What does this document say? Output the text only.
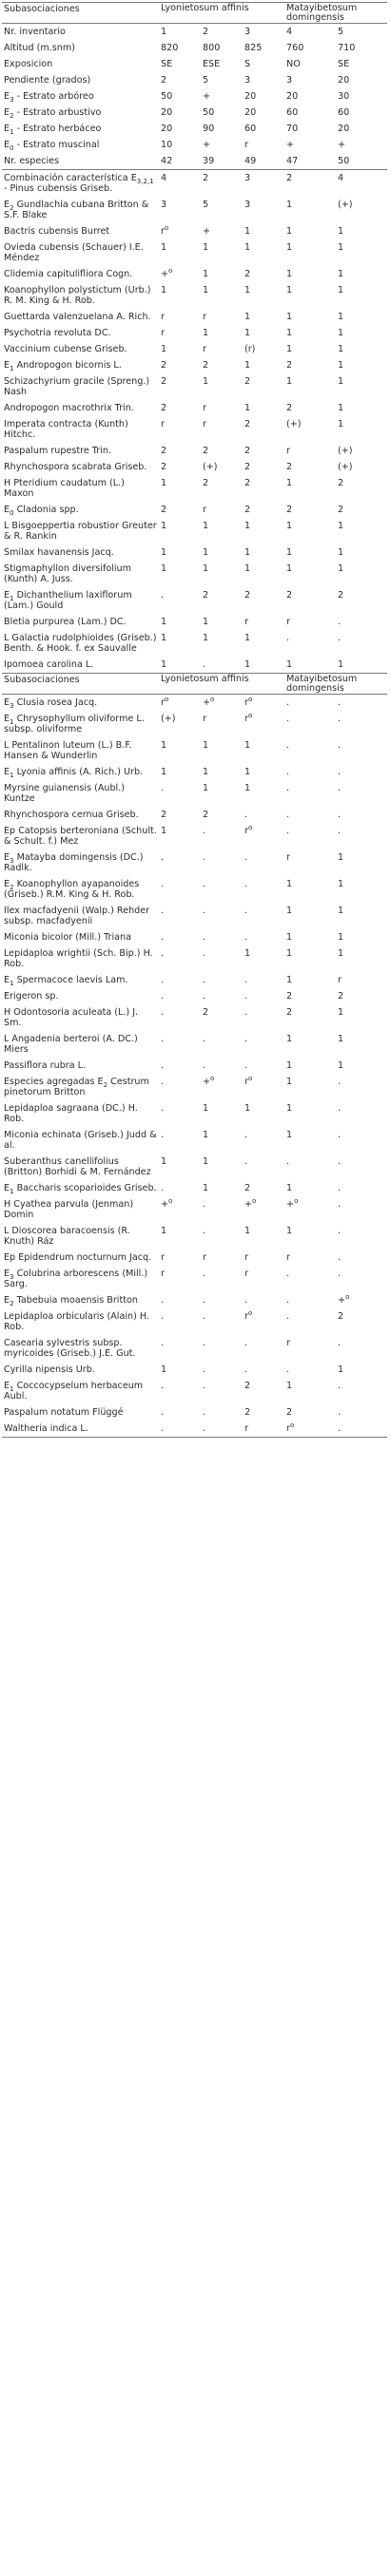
Subasociaciones	Lyonietosum affinis			Matayibetosum domingensis	
Nr. inventario	1	2	3	4	5
Altitud (m.snm)	820	800	825	760	710
Exposicion	SE	ESE	S	NO	SE
Pendiente (grados)	2	5	3	3	20
$E_3$ - Estrato arbóreo	50	+	20	20	30
$E_2$ - Estrato arbustivo	20	50	20	60	60
$E_1$ - Estrato herbáceo	20	90	60	70	20
$E_0$ - Estrato muscinal	10	+	r	+	+
Nr. especies	42	39	49	47	50
Combinación característica $E_{3,2,1}$ - Pinus cubensis Griseb.	4	2	3	2	4
$E_2$ Gundlachia cubana Britton & S.F. Blake	3	5	3	1	(+)
Bactris cubensis Burret	$r^o$	+	1	1	1
Ovieda cubensis (Schauer) I.E. Méndez	1	1	1	1	1
Clidemia capitulifliora Cogn.	+$^o$	1	2	1	1
Koanophyllon polystictum (Urb.) R. M. King & H. Rob.	1	1	1	1	1
Guettarda valenzuelana A. Rich.	r	r	1	1	1
Psychotria revoluta DC.	r	1	1	1	1
Vaccinium cubense Griseb.	1	r	(r)	1	1
$E_1$ Andropogon bicornis L.	2	2	1	2	1
Schizachyrium gracile (Spreng.) Nash	2	1	2	1	1
Andropogon macrothrix Trin.	2	r	1	2	1
Imperata contracta (Kunth) Hitchc.	r	r	2	(+)	1
Paspalum rupestre Trin.	2	2	2	r	(+)
Rhynchospora scabrata Griseb.	2	(+)	2	2	(+)
H Pteridium caudatum (L.) Maxon	1	2	2	1	2
$E_0$ Cladonia spp.	2	r	2	2	2
L Bisgoeppertia robustior Greuter & R. Rankin	1	1	1	1	1
Smilax havanensis Jacq.	1	1	1	1	1
Stigmaphyllon diversifolium (Kunth) A. Juss.	1	1	1	1	1
$E_1$ Dichanthelium laxiflorum (Lam.) Gould	.	2	2	2	2
Bletia purpurea (Lam.) DC.	1	1	r	r	.
L Galactia rudolphioides (Griseb.) Benth. & Hook. f. ex Sauvalle	1	1	1	.	.
Ipomoea carolina L.	1	.	1	1	1
Subasociaciones	Lyonietosum affinis			Matayibetosum domingensis	
$E_3$ Clusia rosea Jacq.	$r^o$	+$^o$	$r^o$	.	.
$E_1$ Chrysophyllum oliviforme L. subsp. oliviforme	(+)	r	$r^o$	.	.
L Pentalinon luteum (L.) B.F. Hansen & Wunderlin	1	1	1	.	.
$E_1$ Lyonia affinis (A. Rich.) Urb.	1	1	1	.	.
Myrsine guianensis (Aubl.) Kuntze	.	1	1	.	.
Rhynchospora cernua Griseb.	2	2	.	.	.
Ep Catopsis berteroniana (Schult. & Schult. f.) Mez	1	.	$r^o$	.	.
$E_3$ Matayba domingensis (DC.) Radlk.	.	.	.	r	1
$E_2$ Koanophyllon ayapanoides (Griseb.) R.M. King & H. Rob.	.	.	.	1	1
Ilex macfadyenii (Walp.) Rehder subsp. macfadyenii	.	.	.	1	1
Miconia bicolor (Mill.) Triana	.	.	.	1	1
Lepidaploa wrightii (Sch. Bip.) H. Rob.	.	.	1	1	1
$E_1$ Spermacoce laevis Lam.	.	.	.	1	r
Erigeron sp.	.	.	.	2	2
H Odontosoria aculeata (L.) J. Sm.	.	2	.	2	1
L Angadenia berteroi (A. DC.) Miers	.	.	.	1	1
Passiflora rubra L.	.	.	.	1	1
Especies agregadas $E_2$ Cestrum pinetorum Britton	.	+$^o$	$r^o$	1	.
Lepidaploa sagraana (DC.) H. Rob.	.	1	1	1	.
Miconia echinata (Griseb.) Judd & al.	.	1	.	1	.
Suberanthus canellifolius (Britton) Borhidi & M. Fernández	1	1	.	.	.
$E_1$ Baccharis scoparioides Griseb.	.	1	2	1	.
H Cyathea parvula (Jenman) Domin	+$^o$	.	+$^o$	+$^o$	.
L Dioscorea baracoensis (R. Knuth) Ráz	1	.	1	1	.
Ep Epidendrum nocturnum Jacq.	r	r	r	r	.
$E_3$ Colubrina arborescens (Mill.) Sarg.	r	.	r	.	.
$E_2$ Tabebuia moaensis Britton	.	.	.	.	+$^o$
Lepidaploa orbicularis (Alain) H. Rob.	.	.	$r^o$	.	2
Casearia sylvestris subsp. myricoides (Griseb.) J.E. Gut.	.	.	.	r	.
Cyrilla nipensis Urb.	1	.	.	.	1
$E_1$ Coccocypselum herbaceum Aubl.	.	.	2	1	.
Paspalum notatum Flüggé	.	.	2	2	.
Waltheria indica L.	.	.	r	$r^o$	.
